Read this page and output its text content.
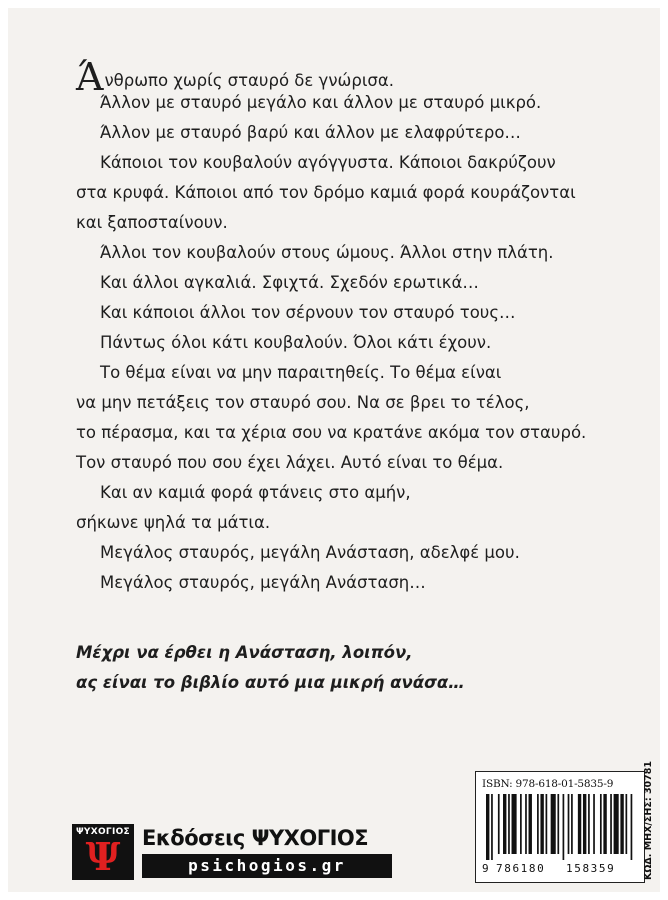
Άνθρωπο χωρίς σταυρό δε γνώρισα.
Άλλον με σταυρό μεγάλο και άλλον με σταυρό μικρό.
Άλλον με σταυρό βαρύ και άλλον με ελαφρύτερο…
Κάποιοι τον κουβαλούν αγόγγυστα. Κάποιοι δακρύζουν
στα κρυφά. Κάποιοι από τον δρόμο καμιά φορά κουράζονται
και ξαποσταίνουν.
Άλλοι τον κουβαλούν στους ώμους. Άλλοι στην πλάτη.
Και άλλοι αγκαλιά. Σφιχτά. Σχεδόν ερωτικά…
Και κάποιοι άλλοι τον σέρνουν τον σταυρό τους…
Πάντως όλοι κάτι κουβαλούν. Όλοι κάτι έχουν.
Το θέμα είναι να μην παραιτηθείς. Το θέμα είναι
να μην πετάξεις τον σταυρό σου. Να σε βρει το τέλος,
το πέρασμα, και τα χέρια σου να κρατάνε ακόμα τον σταυρό.
Τον σταυρό που σου έχει λάχει. Αυτό είναι το θέμα.
Και αν καμιά φορά φτάνεις στο αμήν,
σήκωνε ψηλά τα μάτια.
Μεγάλος σταυρός, μεγάλη Ανάσταση, αδελφέ μου.
Μεγάλος σταυρός, μεγάλη Ανάσταση…
Μέχρι να έρθει η Ανάσταση, λοιπόν,
ας είναι το βιβλίο αυτό μια μικρή ανάσα…
ΨΥΧΟΓΙΟΣ
Ψ	Εκδόσεις ΨΥΧΟΓΙΟΣ
psichogios.gr
ISBN: 978-618-01-5835-9
9 786180 158359	ΚΩΔ. ΜΗΧ/ΣΗΣ: 30781
